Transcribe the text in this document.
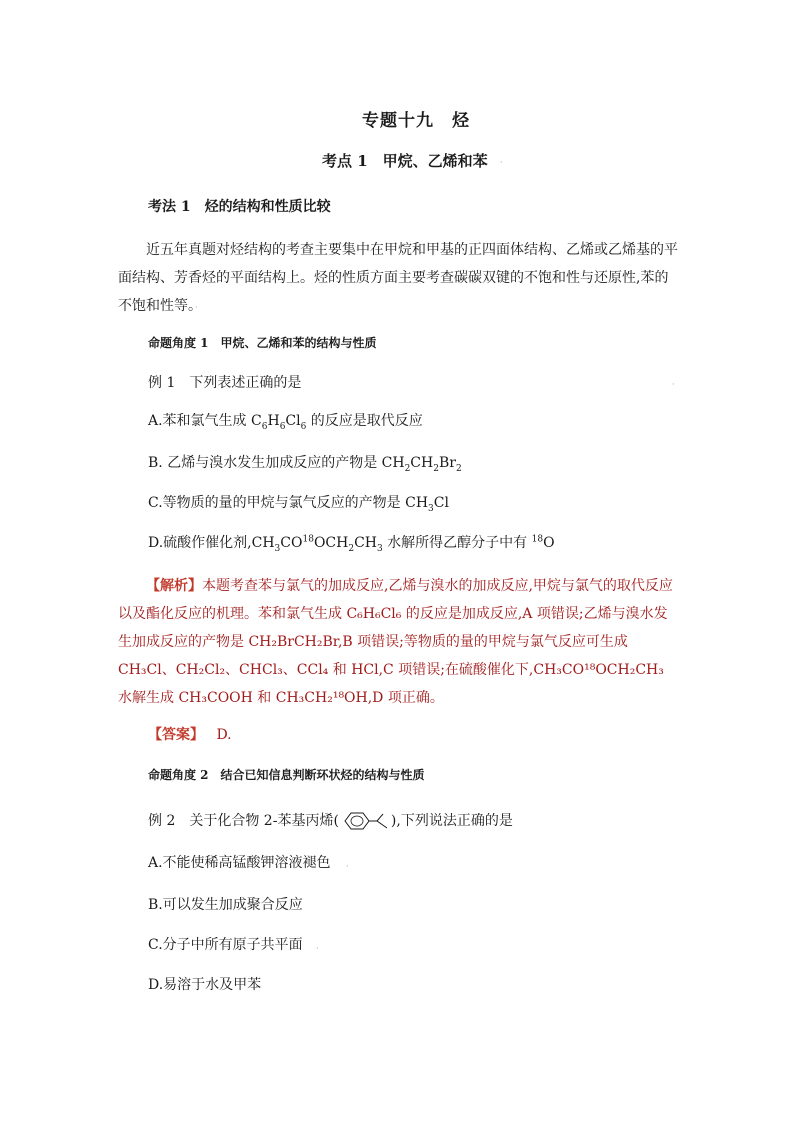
专题十九　烃
考点 1　甲烷、乙烯和苯 ·
考法 1　烃的结构和性质比较
近五年真题对烃结构的考查主要集中在甲烷和甲基的正四面体结构、乙烯或乙烯基的平面结构、芳香烃的平面结构上。烃的性质方面主要考查碳碳双键的不饱和性与还原性,苯的不饱和性等。·
命题角度 1　甲烷、乙烯和苯的结构与性质
例 1　下列表述正确的是	·
A.苯和氯气生成 $C_6H_6Cl_6$ 的反应是取代反应
B. 乙烯与溴水发生加成反应的产物是 $CH_2CH_2Br_2$
C.等物质的量的甲烷与氯气反应的产物是 $CH_3Cl$
D.硫酸作催化剂$,CH_3CO^{18}OCH_2CH_3$ 水解所得乙醇分子中有 $^{18}$O
【解析】本题考查苯与氯气的加成反应,乙烯与溴水的加成反应,甲烷与氯气的取代反应以及酯化反应的机理。苯和氯气生成 C₆H₆Cl₆ 的反应是加成反应,A 项错误;乙烯与溴水发生加成反应的产物是 CH₂BrCH₂Br,B 项错误;等物质的量的甲烷与氯气反应可生成 CH₃Cl、CH₂Cl₂、CHCl₃、CCl₄ 和 HCl,C 项错误;在硫酸催化下,CH₃CO¹⁸OCH₂CH₃ 水解生成 CH₃COOH 和 CH₃CH₂¹⁸OH,D 项正确。
【答案】 D.
命题角度 2　结合已知信息判断环状烃的结构与性质
例 2　关于化合物 2-苯基丙烯(	),下列说法正确的是
A.不能使稀高锰酸钾溶液褪色 ·
B.可以发生加成聚合反应
C.分子中所有原子共平面 ·
D.易溶于水及甲苯
